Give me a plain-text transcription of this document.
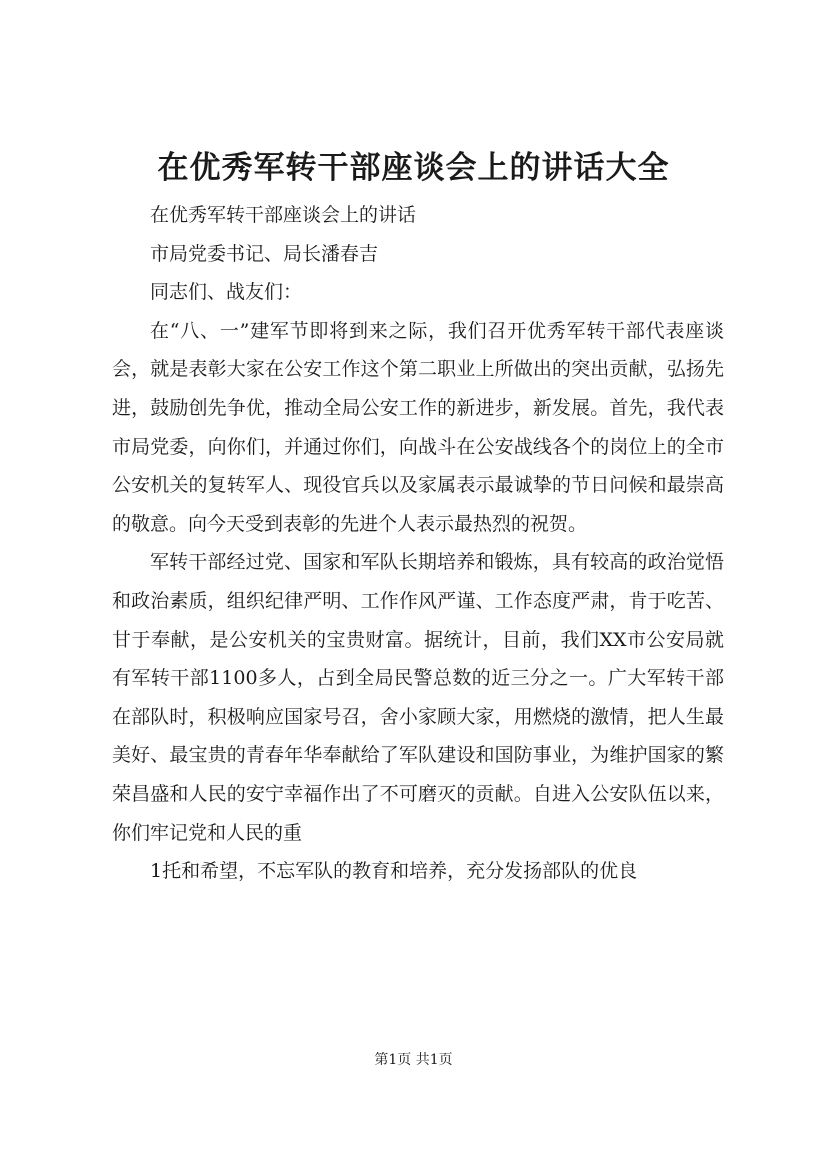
在优秀军转干部座谈会上的讲话大全

在优秀军转干部座谈会上的讲话

市局党委书记、局长潘春吉

同志们、战友们：

在“八、一”建军节即将到来之际，我们召开优秀军转干部代表座谈会，就是表彰大家在公安工作这个第二职业上所做出的突出贡献，弘扬先进，鼓励创先争优，推动全局公安工作的新进步，新发展。首先，我代表市局党委，向你们，并通过你们，向战斗在公安战线各个的岗位上的全市公安机关的复转军人、现役官兵以及家属表示最诚挚的节日问候和最崇高的敬意。向今天受到表彰的先进个人表示最热烈的祝贺。

军转干部经过党、国家和军队长期培养和锻炼，具有较高的政治觉悟和政治素质，组织纪律严明、工作作风严谨、工作态度严肃，肯于吃苦、甘于奉献，是公安机关的宝贵财富。据统计，目前，我们XX市公安局就有军转干部1100多人，占到全局民警总数的近三分之一。广大军转干部在部队时，积极响应国家号召，舍小家顾大家，用燃烧的激情，把人生最美好、最宝贵的青春年华奉献给了军队建设和国防事业，为维护国家的繁荣昌盛和人民的安宁幸福作出了不可磨灭的贡献。自进入公安队伍以来，你们牢记党和人民的重

1托和希望，不忘军队的教育和培养，充分发扬部队的优良

第1页 共1页
